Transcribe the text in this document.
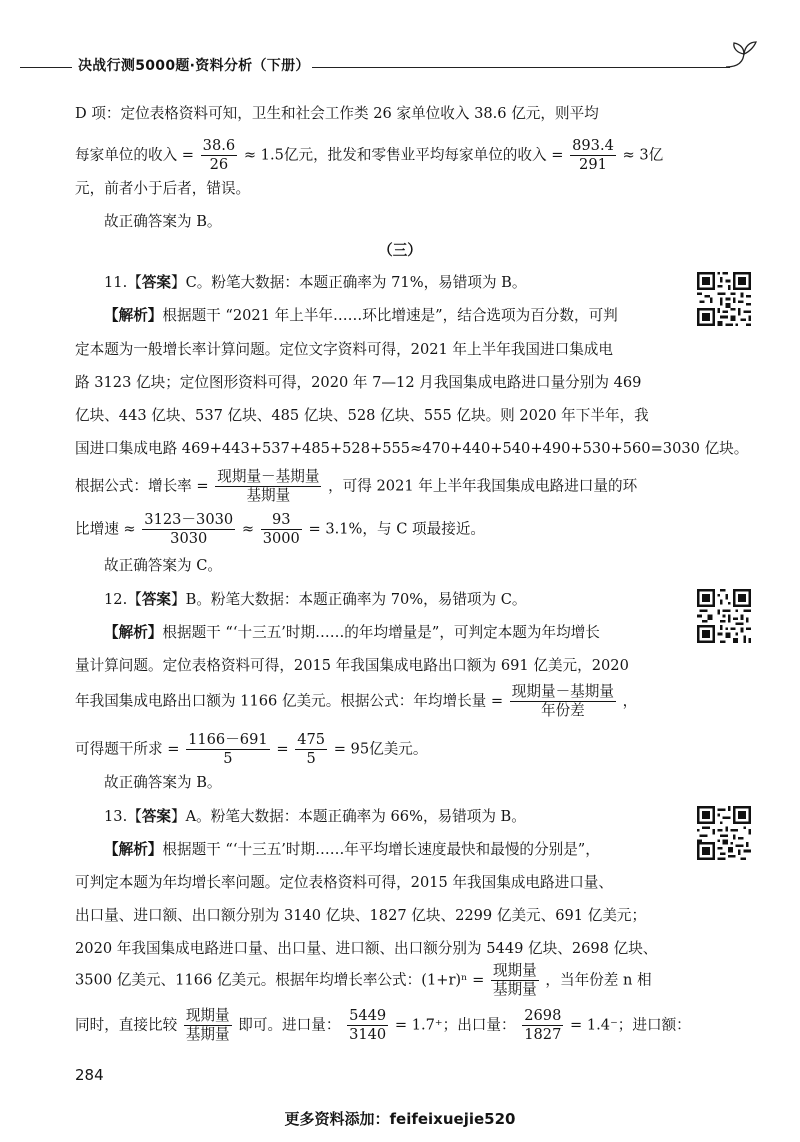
决战行测5000题·资料分析（下册）
D 项：定位表格资料可知，卫生和社会工作类 26 家单位收入 38.6 亿元，则平均
每家单位的收入 = $\frac{38.6}{26} \approx 1.5$亿元，批发和零售业平均每家单位的收入 = $\frac{893.4}{291} \approx 3$亿
元，前者小于后者，错误。
故正确答案为 B。
（三）
11.【答案】C。粉笔大数据：本题正确率为 71%，易错项为 B。
【解析】根据题干 “2021 年上半年……环比增速是”，结合选项为百分数，可判
定本题为一般增长率计算问题。定位文字资料可得，2021 年上半年我国进口集成电
路 3123 亿块；定位图形资料可得，2020 年 7—12 月我国集成电路进口量分别为 469
亿块、443 亿块、537 亿块、485 亿块、528 亿块、555 亿块。则 2020 年下半年，我
国进口集成电路 469+443+537+485+528+555≈470+440+540+490+530+560=3030 亿块。
根据公式：增长率 = $\frac{\text{现期量－基期量}}{\text{基期量}}$ ，可得 2021 年上半年我国集成电路进口量的环
比增速 ≈ $\frac{3123-3030}{3030} \approx \frac{93}{3000} = 3.1\%$，与 C 项最接近。
故正确答案为 C。
12.【答案】B。粉笔大数据：本题正确率为 70%，易错项为 C。
【解析】根据题干 “‘十三五’时期……的年均增量是”，可判定本题为年均增长
量计算问题。定位表格资料可得，2015 年我国集成电路出口额为 691 亿美元，2020
年我国集成电路出口额为 1166 亿美元。根据公式：年均增长量 = $\frac{\text{现期量－基期量}}{\text{年份差}}$ ，
可得题干所求 = $\frac{1166-691}{5} = \frac{475}{5} = 95$亿美元。
故正确答案为 B。
13.【答案】A。粉笔大数据：本题正确率为 66%，易错项为 B。
【解析】根据题干 “‘十三五’时期……年平均增长速度最快和最慢的分别是”，
可判定本题为年均增长率问题。定位表格资料可得，2015 年我国集成电路进口量、
出口量、进口额、出口额分别为 3140 亿块、1827 亿块、2299 亿美元、691 亿美元；
2020 年我国集成电路进口量、出口量、进口额、出口额分别为 5449 亿块、2698 亿块、
3500 亿美元、1166 亿美元。根据年均增长率公式：$(1+r)^n = \frac{\text{现期量}}{\text{基期量}}$ ，当年份差 n 相
同时，直接比较 $\frac{\text{现期量}}{\text{基期量}}$ 即可。进口量： $\frac{5449}{3140} = 1.7^+$；出口量： $\frac{2698}{1827} = 1.4^-$；进口额：
284
更多资料添加：feifeixuejie520
